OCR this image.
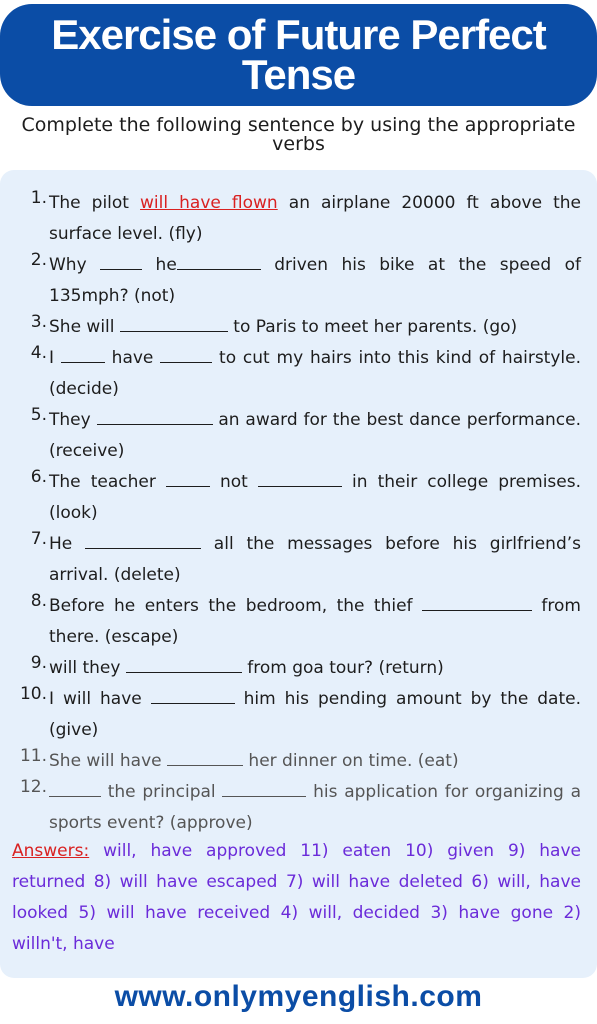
Exercise of Future Perfect Tense
Complete the following sentence by using the appropriate verbs
1. The pilot will have flown an airplane 20000 ft above the surface level. (fly)
2. Why  he	driven his bike at the speed of 135mph? (not)
3. She will	to Paris to meet her parents. (go)
4. I	have	to cut my hairs into this kind of hairstyle. (decide)
5. They	an award for the best dance performance. (receive)
6. The teacher	not	in their college premises. (look)
7. He	all the messages before his girlfriend’s arrival. (delete)
8. Before he enters the bedroom, the thief	from there. (escape)
9. will they	from goa tour? (return)
10. I will have	him his pending amount by the date. (give)
11. She will have	her dinner on time. (eat)
12.	the principal	his application for organizing a sports event? (approve)
Answers: will, have approved 11) eaten 10) given 9) have returned 8) will have escaped 7) will have deleted 6) will, have looked 5) will have received 4) will, decided 3) have gone 2) willn't, have
www.onlymyenglish.com
